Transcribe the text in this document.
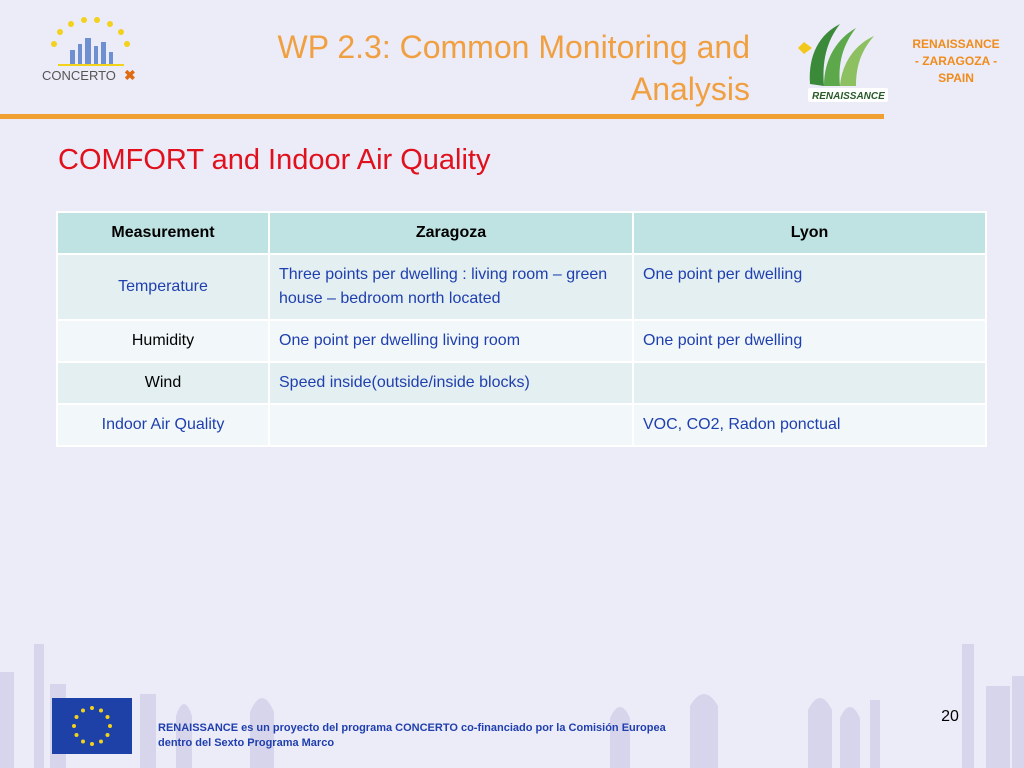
CONCERTO ✖
WP 2.3: Common Monitoring and
Analysis	RENAISSANCE
RENAISSANCE
- ZARAGOZA -
SPAIN
COMFORT and Indoor Air Quality
Measurement	Zaragoza	Lyon
Temperature	Three points per dwelling : living room – green house – bedroom north located	One point per dwelling
Humidity	One point per dwelling living room	One point per dwelling
Wind	Speed inside(outside/inside blocks)	
Indoor Air Quality		VOC, CO2, Radon ponctual
RENAISSANCE es un proyecto del programa CONCERTO co-financiado por la Comisión Europea
dentro del Sexto Programa Marco
20
